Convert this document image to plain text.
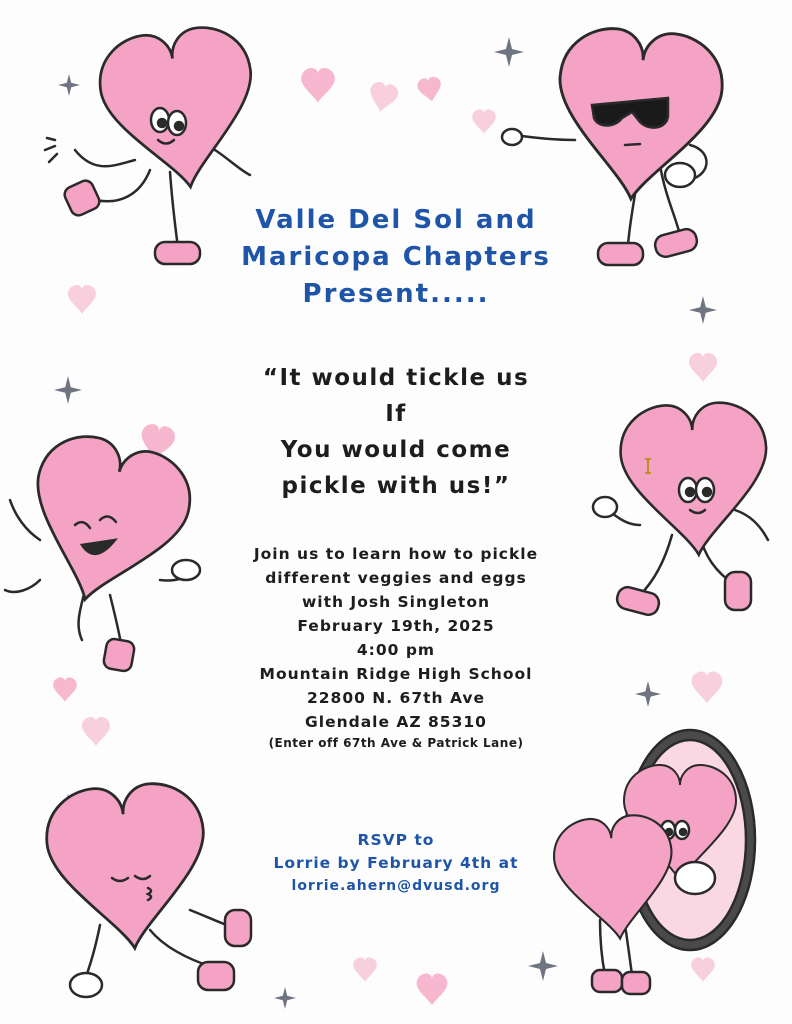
Valle Del Sol and
Maricopa Chapters
Present.....
“It would tickle us
If
You would come
pickle with us!”
Join us to learn how to pickle
different veggies and eggs
with Josh Singleton
February 19th, 2025
4:00 pm
Mountain Ridge High School
22800 N. 67th Ave
Glendale AZ 85310
(Enter off 67th Ave & Patrick Lane)
RSVP to
Lorrie by February 4th at
lorrie.ahern@dvusd.org
